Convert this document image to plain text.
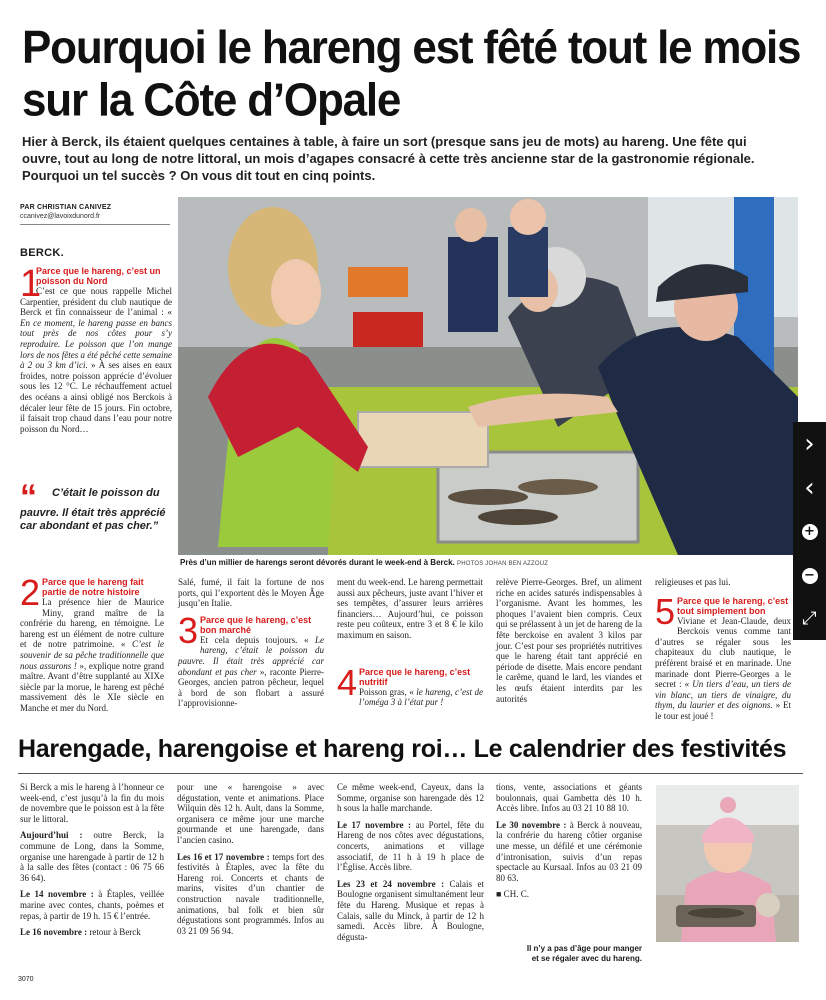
Pourquoi le hareng est fêté tout le mois sur la Côte d’Opale

Hier à Berck, ils étaient quelques centaines à table, à faire un sort (presque sans jeu de mots) au hareng. Une fête qui ouvre, tout au long de notre littoral, un mois d’agapes consacré à cette très ancienne star de la gastronomie régionale. Pourquoi un tel succès ? On vous dit tout en cinq points.

PAR CHRISTIAN CANIVEZ
ccanivez@lavoixdunord.fr
BERCK.
1
Parce que le hareng, c’est un poisson du Nord

C’est ce que nous rappelle Michel Carpentier, président du club nautique de Berck et fin connaisseur de l’animal : « En ce moment, le hareng passe en bancs tout près de nos côtes pour s’y reproduire. Le poisson que l’on mange lors de nos fêtes a été pêché cette semaine à 2 ou 3 km d’ici. » À ses aises en eaux froides, notre poisson apprécie d’évoluer sous les 12 °C. Le réchauffement actuel des océans a ainsi obligé nos Berckois à décaler leur fête de 15 jours. Fin octobre, il faisait trop chaud dans l’eau pour notre poisson du Nord…

“ C’était le poisson du pauvre. Il était très apprécié car abondant et pas cher.”
Près d’un millier de harengs seront dévorés durant le week-end à Berck. PHOTOS JOHAN BEN AZZOUZ
2 Parce que le hareng fait partie de notre histoire

La présence hier de Maurice Miny, grand maître de la confrérie du hareng, en témoigne. Le hareng est un élément de notre culture et de notre patrimoine. « C’est le souvenir de sa pêche traditionnelle que nous assurons ! », explique notre grand maître. Avant d’être supplanté au XIXe siècle par la morue, le hareng est pêché massivement dès le XIe siècle en Manche et mer du Nord.

Salé, fumé, il fait la fortune de nos ports, qui l’exportent dès le Moyen Âge jusqu’en Italie.

3 Parce que le hareng, c’est bon marché

Et cela depuis toujours. « Le hareng, c’était le poisson du pauvre. Il était très apprécié car abondant et pas cher », raconte Pierre-Georges, ancien patron pêcheur, lequel à bord de son flobart a assuré l’approvisionne-

ment du week-end. Le hareng permettait aussi aux pêcheurs, juste avant l’hiver et ses tempêtes, d’assurer leurs arrières financiers… Aujourd’hui, ce poisson reste peu coûteux, entre 3 et 8 € le kilo maximum en saison.

4 Parce que le hareng, c’est nutritif

Poisson gras, « le hareng, c’est de l’oméga 3 à l’état pur !

relève Pierre-Georges. Bref, un aliment riche en acides saturés indispensables à l’organisme. Avant les hommes, les phoques l’avaient bien compris. Ceux qui se prélassent à un jet de hareng de la fête berckoise en avalent 3 kilos par jour. C’est pour ses propriétés nutritives que le hareng était tant apprécié en période de disette. Mais encore pendant le carême, quand le lard, les viandes et les œufs étaient interdits par les autorités

religieuses et pas lui.

5 Parce que le hareng, c’est tout simplement bon

Viviane et Jean-Claude, deux Berckois venus comme tant d’autres se régaler sous les chapiteaux du club nautique, le préfèrent braisé et en marinade. Une marinade dont Pierre-Georges a le secret : « Un tiers d’eau, un tiers de vin blanc, un tiers de vinaigre, du thym, du laurier et des oignons. » Et le tour est joué !

Harengade, harengoise et hareng roi… Le calendrier des festivités

Si Berck a mis le hareng à l’honneur ce week-end, c’est jusqu’à la fin du mois de novembre que le poisson est à la fête sur le littoral.

Aujourd’hui : outre Berck, la commune de Long, dans la Somme, organise une harengade à partir de 12 h à la salle des fêtes (contact : 06 75 66 36 64).

Le 14 novembre : à Étaples, veillée marine avec contes, chants, poèmes et repas, à partir de 19 h. 15 € l’entrée.

Le 16 novembre : retour à Berck

pour une « harengoise » avec dégustation, vente et animations. Place Wilquin dès 12 h. Ault, dans la Somme, organisera ce même jour une marche gourmande et une harengade, dans l’ancien casino.

Les 16 et 17 novembre : temps fort des festivités à Étaples, avec la fête du Hareng roi. Concerts et chants de marins, visites d’un chantier de construction navale traditionnelle, animations, bal folk et bien sûr dégustations sont programmés. Infos au 03 21 09 56 94.

Ce même week-end, Cayeux, dans la Somme, organise son harengade dès 12 h sous la halle marchande.

Le 17 novembre : au Portel, fête du Hareng de nos côtes avec dégustations, concerts, animations et village associatif, de 11 h à 19 h place de l’Église. Accès libre.

Les 23 et 24 novembre : Calais et Boulogne organisent simultanément leur fête du Hareng. Musique et repas à Calais, salle du Minck, à partir de 12 h samedi. Accès libre. À Boulogne, dégusta-

tions, vente, associations et géants boulonnais, quai Gambetta dès 10 h. Accès libre. Infos au 03 21 10 88 10.

Le 30 novembre : à Berck à nouveau, la confrérie du hareng côtier organise une messe, un défilé et une cérémonie d’intronisation, suivis d’un repas spectacle au Kursaal. Infos au 03 21 09 80 63.

■ CH. C.

Il n’y a pas d’âge pour manger et se régaler avec du hareng.
3070
›
‹
+
−
⤢
